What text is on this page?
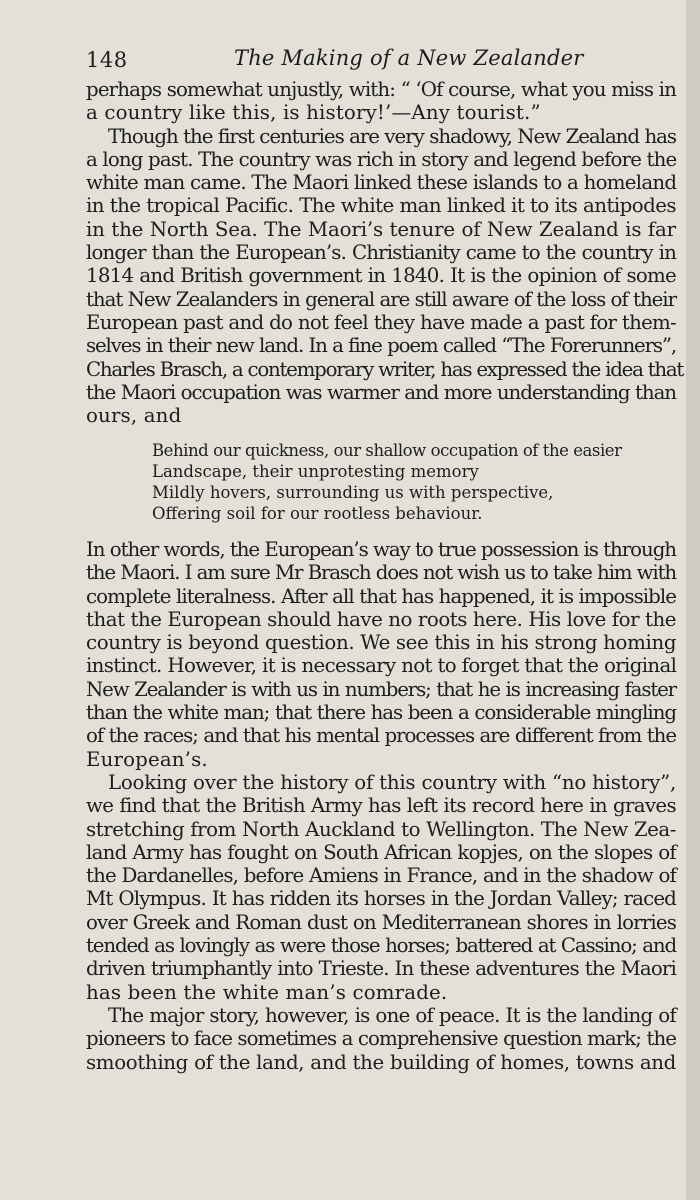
148	The Making of a New Zealander
perhaps somewhat unjustly, with: “ ‘Of course, what you miss in
a country like this, is history!’—Any tourist.”
Though the first centuries are very shadowy, New Zealand has
a long past. The country was rich in story and legend before the
white man came. The Maori linked these islands to a homeland
in the tropical Pacific. The white man linked it to its antipodes
in the North Sea. The Maori’s tenure of New Zealand is far
longer than the European’s. Christianity came to the country in
1814 and British government in 1840. It is the opinion of some
that New Zealanders in general are still aware of the loss of their
European past and do not feel they have made a past for them-
selves in their new land. In a fine poem called “The Forerunners”,
Charles Brasch, a contemporary writer, has expressed the idea that
the Maori occupation was warmer and more understanding than
ours, and
Behind our quickness, our shallow occupation of the easier
Landscape, their unprotesting memory
Mildly hovers, surrounding us with perspective,
Offering soil for our rootless behaviour.
In other words, the European’s way to true possession is through
the Maori. I am sure Mr Brasch does not wish us to take him with
complete literalness. After all that has happened, it is impossible
that the European should have no roots here. His love for the
country is beyond question. We see this in his strong homing
instinct. However, it is necessary not to forget that the original
New Zealander is with us in numbers; that he is increasing faster
than the white man; that there has been a considerable mingling
of the races; and that his mental processes are different from the
European’s.
Looking over the history of this country with “no history”,
we find that the British Army has left its record here in graves
stretching from North Auckland to Wellington. The New Zea-
land Army has fought on South African kopjes, on the slopes of
the Dardanelles, before Amiens in France, and in the shadow of
Mt Olympus. It has ridden its horses in the Jordan Valley; raced
over Greek and Roman dust on Mediterranean shores in lorries
tended as lovingly as were those horses; battered at Cassino; and
driven triumphantly into Trieste. In these adventures the Maori
has been the white man’s comrade.
The major story, however, is one of peace. It is the landing of
pioneers to face sometimes a comprehensive question mark; the
smoothing of the land, and the building of homes, towns and
